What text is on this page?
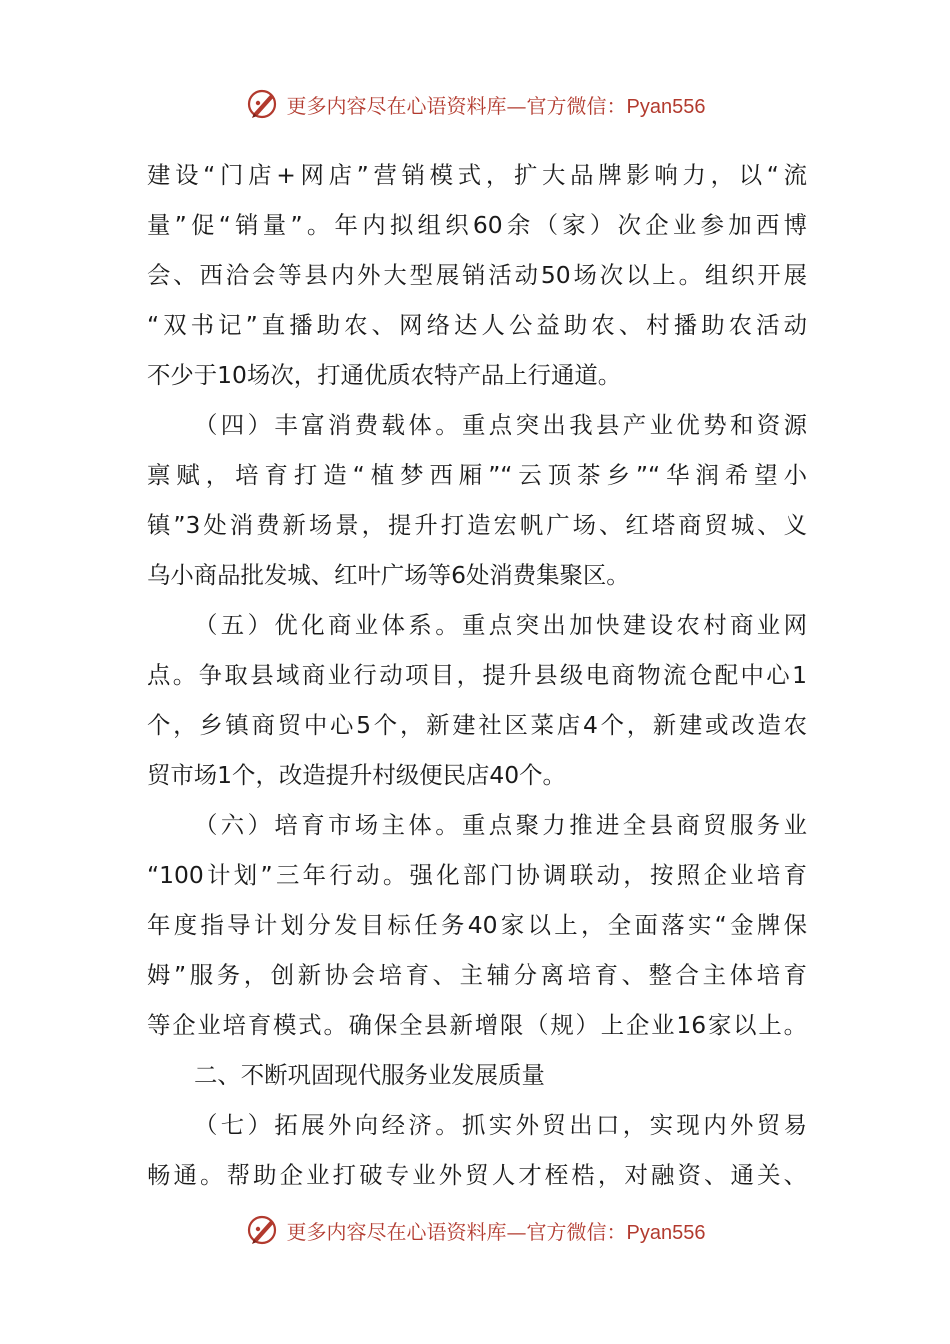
更多内容尽在心语资料库—官方微信：Pyan556
建设“门店+网店”营销模式，扩大品牌影响力，以“流
量”促“销量”。年内拟组织60余（家）次企业参加西博
会、西洽会等县内外大型展销活动50场次以上。组织开展
“双书记”直播助农、网络达人公益助农、村播助农活动
不少于10场次，打通优质农特产品上行通道。
（四）丰富消费载体。重点突出我县产业优势和资源
禀赋，培育打造“植梦西厢”“云顶茶乡”“华润希望小
镇”3处消费新场景，提升打造宏帆广场、红塔商贸城、义
乌小商品批发城、红叶广场等6处消费集聚区。
（五）优化商业体系。重点突出加快建设农村商业网
点。争取县域商业行动项目，提升县级电商物流仓配中心1
个，乡镇商贸中心5个，新建社区菜店4个，新建或改造农
贸市场1个，改造提升村级便民店40个。
（六）培育市场主体。重点聚力推进全县商贸服务业
“100计划”三年行动。强化部门协调联动，按照企业培育
年度指导计划分发目标任务40家以上，全面落实“金牌保
姆”服务，创新协会培育、主辅分离培育、整合主体培育
等企业培育模式。确保全县新增限（规）上企业16家以上。
二、不断巩固现代服务业发展质量
（七）拓展外向经济。抓实外贸出口，实现内外贸易
畅通。帮助企业打破专业外贸人才桎梏，对融资、通关、
更多内容尽在心语资料库—官方微信：Pyan556
